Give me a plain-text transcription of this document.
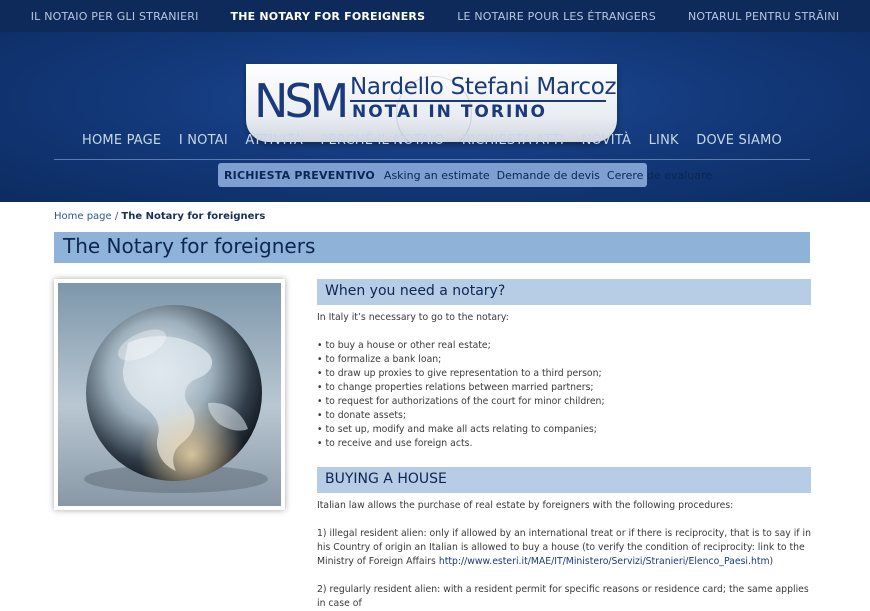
IL NOTAIO PER GLI STRANIERI	THE NOTARY FOR FOREIGNERS	LE NOTAIRE POUR LES ÉTRANGERS	NOTARUL PENTRU STRĂINI
NSM Nardello Stefani Marcoz
NOTAI IN TORINO
HOME PAGE I NOTAI ATTIVITÀ PERCHÉ IL NOTAIO RICHIESTA ATTI NOVITÀ LINK DOVE SIAMO
RICHIESTA PREVENTIVO Asking an estimate Demande de devis Cerere de evaluare
Home page / The Notary for foreigners
The Notary for foreigners
When you need a notary?

In Italy it’s necessary to go to the notary:

• to buy a house or other real estate;

• to formalize a bank loan;

• to draw up proxies to give representation to a third person;

• to change properties relations between married partners;

• to request for authorizations of the court for minor children;

• to donate assets;

• to set up, modify and make all acts relating to companies;

• to receive and use foreign acts.

BUYING A HOUSE

Italian law allows the purchase of real estate by foreigners with the following procedures:

1) illegal resident alien: only if allowed by an international treat or if there is reciprocity, that is to say if in his Country of origin an Italian is allowed to buy a house (to verify the condition of reciprocity: link to the Ministry of Foreign Affairs http://www.esteri.it/MAE/IT/Ministero/Servizi/Stranieri/Elenco_Paesi.htm)

2) regularly resident alien: with a resident permit for specific reasons or residence card; the same applies in case of
